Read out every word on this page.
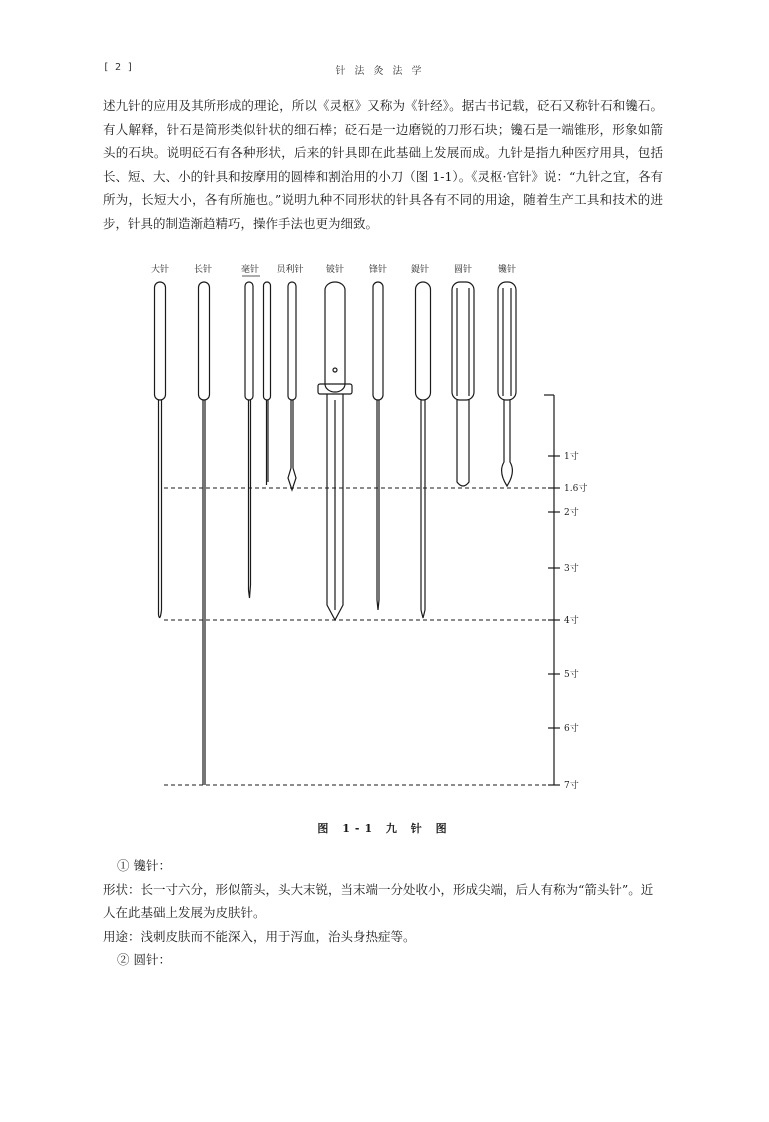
[ 2 ]	针法灸法学

述九针的应用及其所形成的理论，所以《灵枢》又称为《针经》。据古书记载，砭石又称针石和镵石。有人解释，针石是简形类似针状的细石棒；砭石是一边磨锐的刀形石块；镵石是一端锥形，形象如箭头的石块。说明砭石有各种形状，后来的针具即在此基础上发展而成。九针是指九种医疗用具，包括长、短、大、小的针具和按摩用的圆棒和割治用的小刀（图 1-1）。《灵枢·官针》说：“九针之宜，各有所为，长短大小，各有所施也。”说明九种不同形状的针具各有不同的用途，随着生产工具和技术的进步，针具的制造渐趋精巧，操作手法也更为细致。

大针	长针	毫针 员利针 铍针	锋针	鍉针	圆针	镵针
1寸
1.6寸
2寸
3寸
4寸
5寸
6寸
7寸
图 1-1 九 针 图
① 镵针：
形状：长一寸六分，形似箭头，头大末锐，当末端一分处收小，形成尖端，后人有称为“箭头针”。近人在此基础上发展为皮肤针。
用途：浅刺皮肤而不能深入，用于泻血，治头身热症等。
② 圆针：
